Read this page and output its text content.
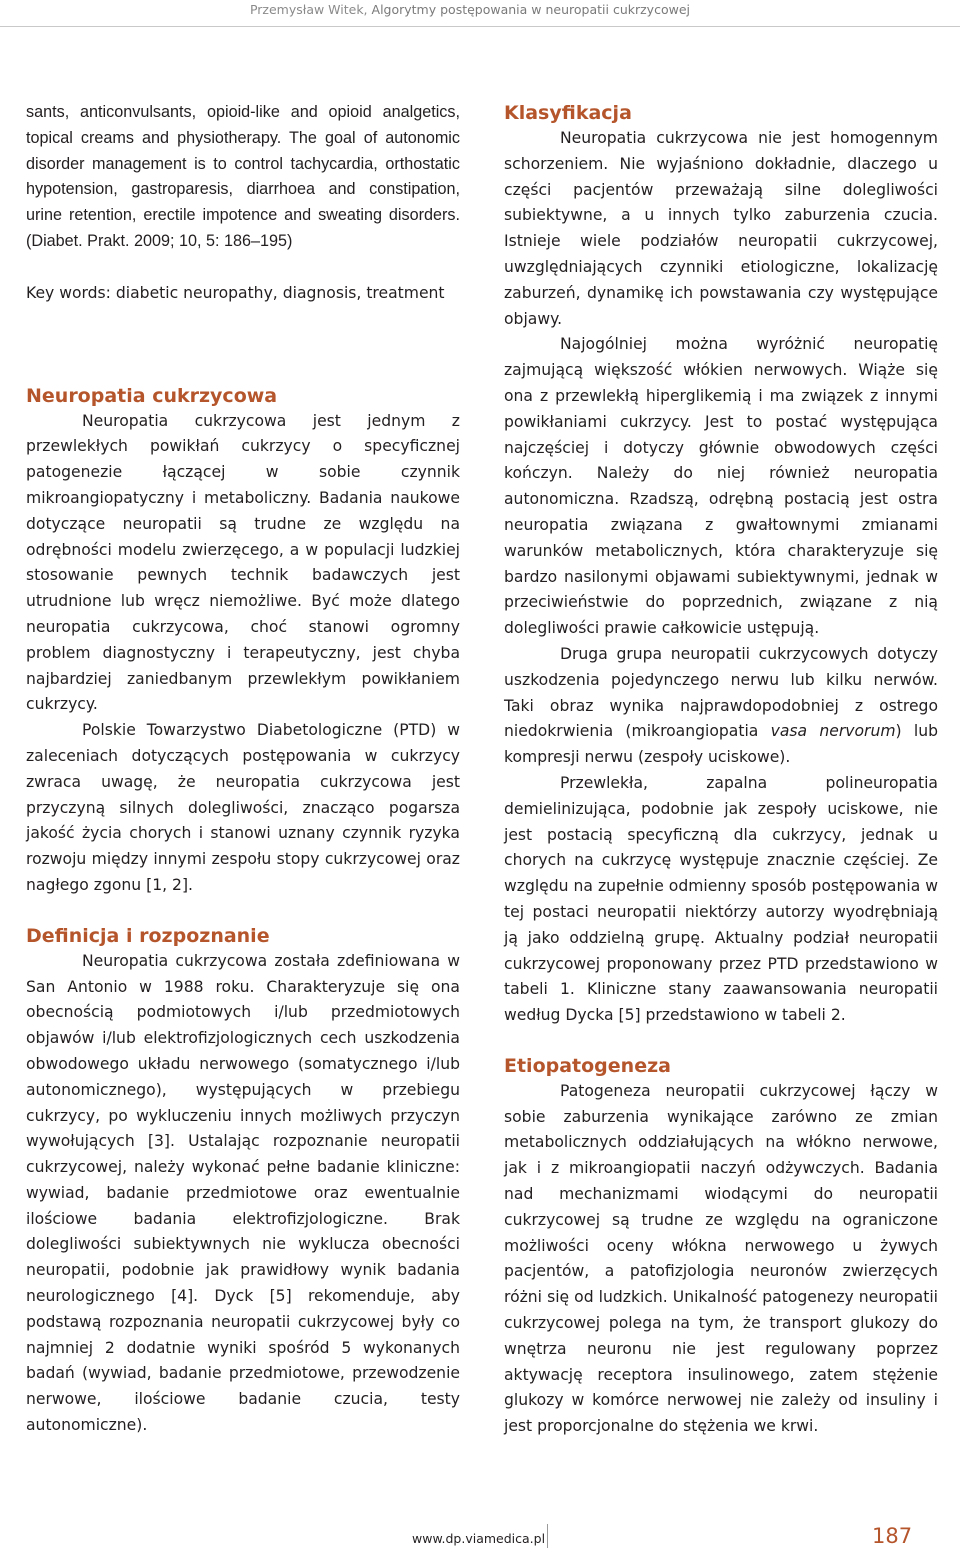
Przemysław Witek, Algorytmy postępowania w neuropatii cukrzycowej

sants, anticonvulsants, opioid-like and opioid analgetics, topical creams and physiotherapy. The goal of autonomic disorder management is to control tachycardia, orthostatic hypotension, gastroparesis, diarrhoea and constipation, urine retention, erectile impotence and sweating disorders. (Diabet. Prakt. 2009; 10, 5: 186–195)

Key words: diabetic neuropathy, diagnosis, treatment

Neuropatia cukrzycowa

Neuropatia cukrzycowa jest jednym z przewlekłych powikłań cukrzycy o specyficznej patogenezie łączącej w sobie czynnik mikroangiopatyczny i metaboliczny. Badania naukowe dotyczące neuropatii są trudne ze względu na odrębności modelu zwierzęcego, a w populacji ludzkiej stosowanie pewnych technik badawczych jest utrudnione lub wręcz niemożliwe. Być może dlatego neuropatia cukrzycowa, choć stanowi ogromny problem diagnostyczny i terapeutyczny, jest chyba najbardziej zaniedbanym przewlekłym powikłaniem cukrzycy.

Polskie Towarzystwo Diabetologiczne (PTD) w zaleceniach dotyczących postępowania w cukrzycy zwraca uwagę, że neuropatia cukrzycowa jest przyczyną silnych dolegliwości, znacząco pogarsza jakość życia chorych i stanowi uznany czynnik ryzyka rozwoju między innymi zespołu stopy cukrzycowej oraz nagłego zgonu [1, 2].

Definicja i rozpoznanie

Neuropatia cukrzycowa została zdefiniowana w San Antonio w 1988 roku. Charakteryzuje się ona obecnością podmiotowych i/lub przedmiotowych objawów i/lub elektrofizjologicznych cech uszkodzenia obwodowego układu nerwowego (somatycznego i/lub autonomicznego), występujących w przebiegu cukrzycy, po wykluczeniu innych możliwych przyczyn wywołujących [3]. Ustalając rozpoznanie neuropatii cukrzycowej, należy wykonać pełne badanie kliniczne: wywiad, badanie przedmiotowe oraz ewentualnie ilościowe badania elektrofizjologiczne. Brak dolegliwości subiektywnych nie wyklucza obecności neuropatii, podobnie jak prawidłowy wynik badania neurologicznego [4]. Dyck [5] rekomenduje, aby podstawą rozpoznania neuropatii cukrzycowej były co najmniej 2 dodatnie wyniki spośród 5 wykonanych badań (wywiad, badanie przedmiotowe, przewodzenie nerwowe, ilościowe badanie czucia, testy autonomiczne).

Klasyfikacja

Neuropatia cukrzycowa nie jest homogennym schorzeniem. Nie wyjaśniono dokładnie, dlaczego u części pacjentów przeważają silne dolegliwości subiektywne, a u innych tylko zaburzenia czucia. Istnieje wiele podziałów neuropatii cukrzycowej, uwzględniających czynniki etiologiczne, lokalizację zaburzeń, dynamikę ich powstawania czy występujące objawy.

Najogólniej można wyróżnić neuropatię zajmującą większość włókien nerwowych. Wiąże się ona z przewlekłą hiperglikemią i ma związek z innymi powikłaniami cukrzycy. Jest to postać występująca najczęściej i dotyczy głównie obwodowych części kończyn. Należy do niej również neuropatia autonomiczna. Rzadszą, odrębną postacią jest ostra neuropatia związana z gwałtownymi zmianami warunków metabolicznych, która charakteryzuje się bardzo nasilonymi objawami subiektywnymi, jednak w przeciwieństwie do poprzednich, związane z nią dolegliwości prawie całkowicie ustępują.

Druga grupa neuropatii cukrzycowych dotyczy uszkodzenia pojedynczego nerwu lub kilku nerwów. Taki obraz wynika najprawdopodobniej z ostrego niedokrwienia (mikroangiopatia vasa nervorum) lub kompresji nerwu (zespoły uciskowe).

Przewlekła, zapalna polineuropatia demielinizująca, podobnie jak zespoły uciskowe, nie jest postacią specyficzną dla cukrzycy, jednak u chorych na cukrzycę występuje znacznie częściej. Ze względu na zupełnie odmienny sposób postępowania w tej postaci neuropatii niektórzy autorzy wyodrębniają ją jako oddzielną grupę. Aktualny podział neuropatii cukrzycowej proponowany przez PTD przedstawiono w tabeli 1. Kliniczne stany zaawansowania neuropatii według Dycka [5] przedstawiono w tabeli 2.

Etiopatogeneza

Patogeneza neuropatii cukrzycowej łączy w sobie zaburzenia wynikające zarówno ze zmian metabolicznych oddziałujących na włókno nerwowe, jak i z mikroangiopatii naczyń odżywczych. Badania nad mechanizmami wiodącymi do neuropatii cukrzycowej są trudne ze względu na ograniczone możliwości oceny włókna nerwowego u żywych pacjentów, a patofizjologia neuronów zwierzęcych różni się od ludzkich. Unikalność patogenezy neuropatii cukrzycowej polega na tym, że transport glukozy do wnętrza neuronu nie jest regulowany poprzez aktywację receptora insulinowego, zatem stężenie glukozy w komórce nerwowej nie zależy od insuliny i jest proporcjonalne do stężenia we krwi.

www.dp.viamedica.pl	187
